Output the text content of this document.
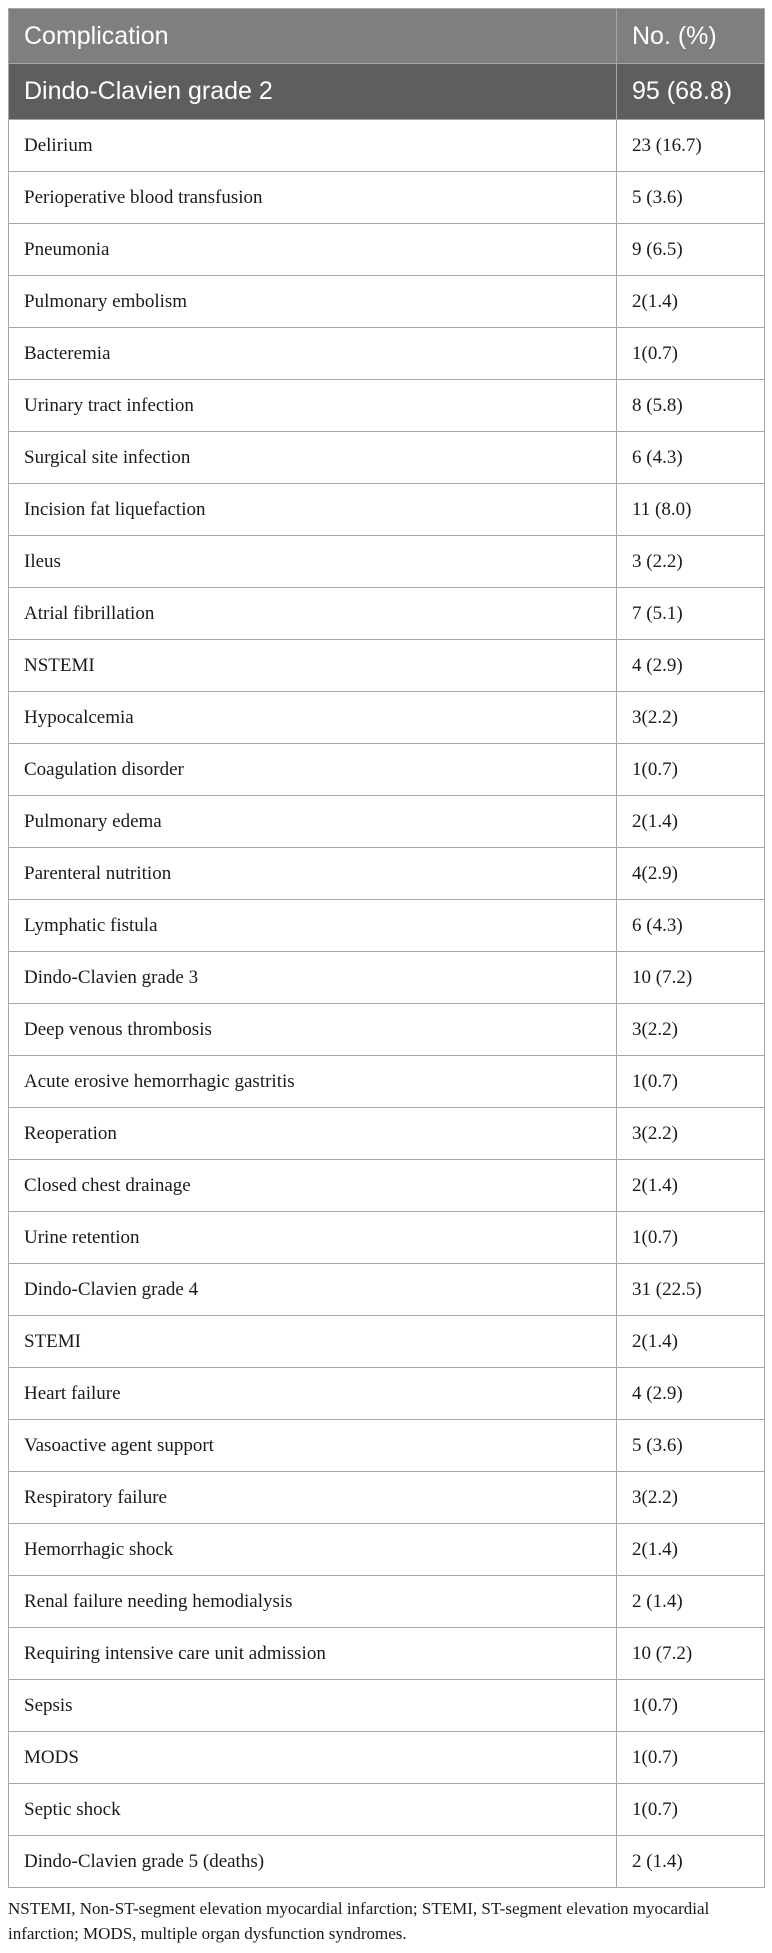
Complication	No. (%)
Dindo-Clavien grade 2	95 (68.8)
Delirium	23 (16.7)
Perioperative blood transfusion	5 (3.6)
Pneumonia	9 (6.5)
Pulmonary embolism	2(1.4)
Bacteremia	1(0.7)
Urinary tract infection	8 (5.8)
Surgical site infection	6 (4.3)
Incision fat liquefaction	11 (8.0)
Ileus	3 (2.2)
Atrial fibrillation	7 (5.1)
NSTEMI	4 (2.9)
Hypocalcemia	3(2.2)
Coagulation disorder	1(0.7)
Pulmonary edema	2(1.4)
Parenteral nutrition	4(2.9)
Lymphatic fistula	6 (4.3)
Dindo-Clavien grade 3	10 (7.2)
Deep venous thrombosis	3(2.2)
Acute erosive hemorrhagic gastritis	1(0.7)
Reoperation	3(2.2)
Closed chest drainage	2(1.4)
Urine retention	1(0.7)
Dindo-Clavien grade 4	31 (22.5)
STEMI	2(1.4)
Heart failure	4 (2.9)
Vasoactive agent support	5 (3.6)
Respiratory failure	3(2.2)
Hemorrhagic shock	2(1.4)
Renal failure needing hemodialysis	2 (1.4)
Requiring intensive care unit admission	10 (7.2)
Sepsis	1(0.7)
MODS	1(0.7)
Septic shock	1(0.7)
Dindo-Clavien grade 5 (deaths)	2 (1.4)
NSTEMI, Non-ST-segment elevation myocardial infarction; STEMI, ST-segment elevation myocardial infarction; MODS, multiple organ dysfunction syndromes.
